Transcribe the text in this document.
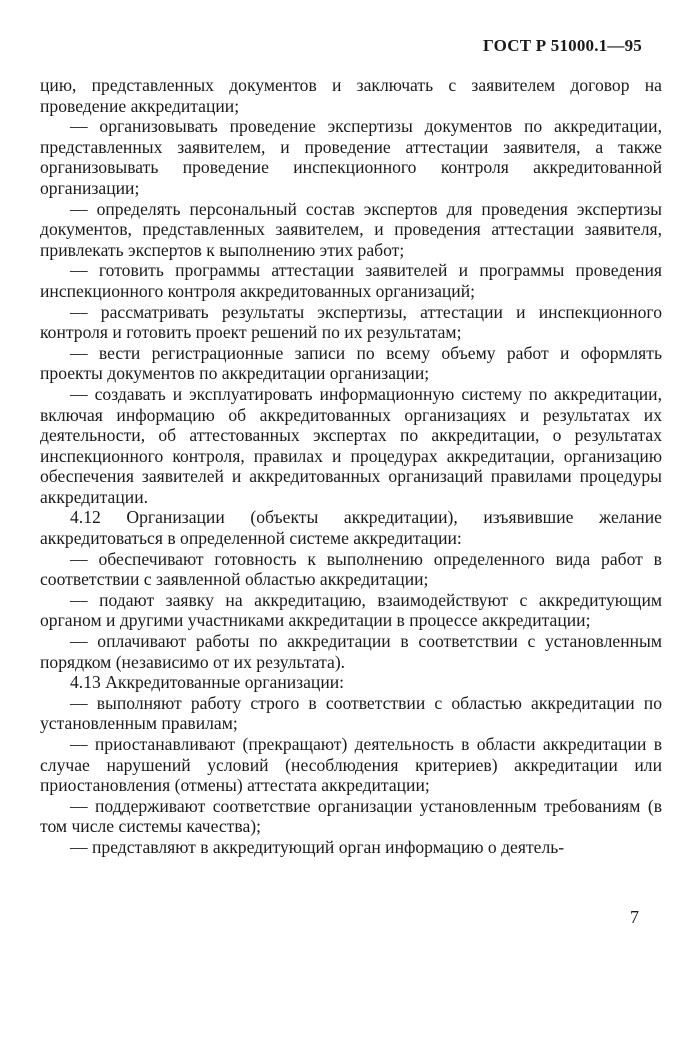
ГОСТ Р 51000.1—95

цию, представленных документов и заключать с заявителем договор на проведение аккредитации;

— организовывать проведение экспертизы документов по аккредитации, представленных заявителем, и проведение аттестации заявителя, а также организовывать проведение инспекционного контроля аккредитованной организации;

— определять персональный состав экспертов для проведения экспертизы документов, представленных заявителем, и проведения аттестации заявителя, привлекать экспертов к выполнению этих работ;

— готовить программы аттестации заявителей и программы проведения инспекционного контроля аккредитованных организаций;

— рассматривать результаты экспертизы, аттестации и инспекционного контроля и готовить проект решений по их результатам;

— вести регистрационные записи по всему объему работ и оформлять проекты документов по аккредитации организации;

— создавать и эксплуатировать информационную систему по аккредитации, включая информацию об аккредитованных организациях и результатах их деятельности, об аттестованных экспертах по аккредитации, о результатах инспекционного контроля, правилах и процедурах аккредитации, организацию обеспечения заявителей и аккредитованных организаций правилами процедуры аккредитации.

4.12 Организации (объекты аккредитации), изъявившие желание аккредитоваться в определенной системе аккредитации:

— обеспечивают готовность к выполнению определенного вида работ в соответствии с заявленной областью аккредитации;

— подают заявку на аккредитацию, взаимодействуют с аккредитующим органом и другими участниками аккредитации в процессе аккредитации;

— оплачивают работы по аккредитации в соответствии с установленным порядком (независимо от их результата).

4.13 Аккредитованные организации:

— выполняют работу строго в соответствии с областью аккредитации по установленным правилам;

— приостанавливают (прекращают) деятельность в области аккредитации в случае нарушений условий (несоблюдения критериев) аккредитации или приостановления (отмены) аттестата аккредитации;

— поддерживают соответствие организации установленным требованиям (в том числе системы качества);

— представляют в аккредитующий орган информацию о деятель-

7
